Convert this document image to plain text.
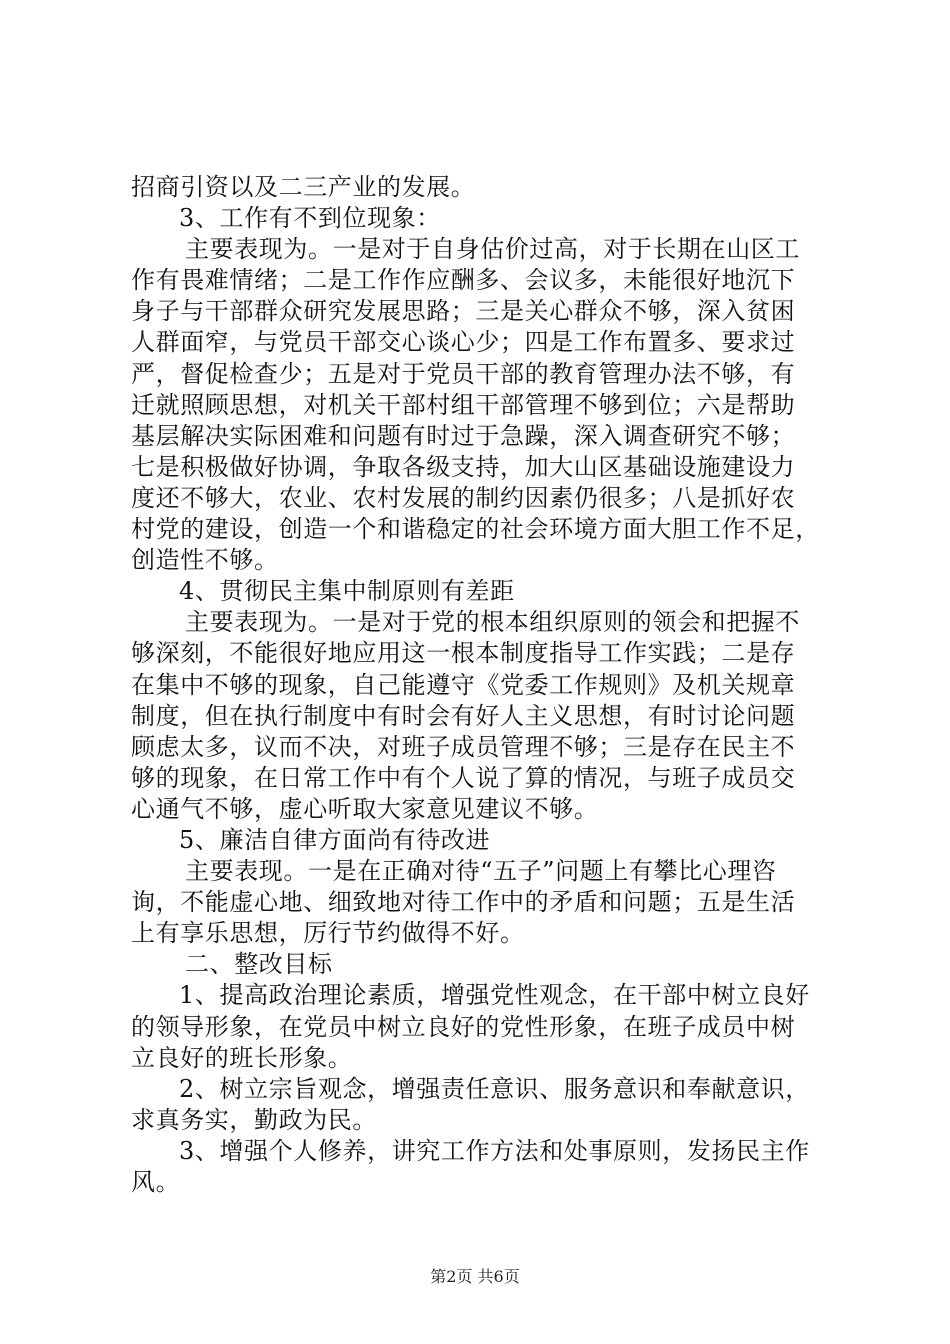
招商引资以及二三产业的发展。
3、工作有不到位现象：
主要表现为。一是对于自身估价过高，对于长期在山区工
作有畏难情绪；二是工作作应酬多、会议多，未能很好地沉下
身子与干部群众研究发展思路；三是关心群众不够，深入贫困
人群面窄，与党员干部交心谈心少；四是工作布置多、要求过
严，督促检查少；五是对于党员干部的教育管理办法不够，有
迁就照顾思想，对机关干部村组干部管理不够到位；六是帮助
基层解决实际困难和问题有时过于急躁，深入调查研究不够；
七是积极做好协调，争取各级支持，加大山区基础设施建设力
度还不够大，农业、农村发展的制约因素仍很多；八是抓好农
村党的建设，创造一个和谐稳定的社会环境方面大胆工作不足，
创造性不够。
4、贯彻民主集中制原则有差距
主要表现为。一是对于党的根本组织原则的领会和把握不
够深刻，不能很好地应用这一根本制度指导工作实践；二是存
在集中不够的现象，自己能遵守《党委工作规则》及机关规章
制度，但在执行制度中有时会有好人主义思想，有时讨论问题
顾虑太多，议而不决，对班子成员管理不够；三是存在民主不
够的现象，在日常工作中有个人说了算的情况，与班子成员交
心通气不够，虚心听取大家意见建议不够。
5、廉洁自律方面尚有待改进
主要表现。一是在正确对待“五子”问题上有攀比心理咨
询，不能虚心地、细致地对待工作中的矛盾和问题；五是生活
上有享乐思想，厉行节约做得不好。
二、整改目标
1、提高政治理论素质，增强党性观念，在干部中树立良好
的领导形象，在党员中树立良好的党性形象，在班子成员中树
立良好的班长形象。
2、树立宗旨观念，增强责任意识、服务意识和奉献意识，
求真务实，勤政为民。
3、增强个人修养，讲究工作方法和处事原则，发扬民主作
风。
第2页 共6页
